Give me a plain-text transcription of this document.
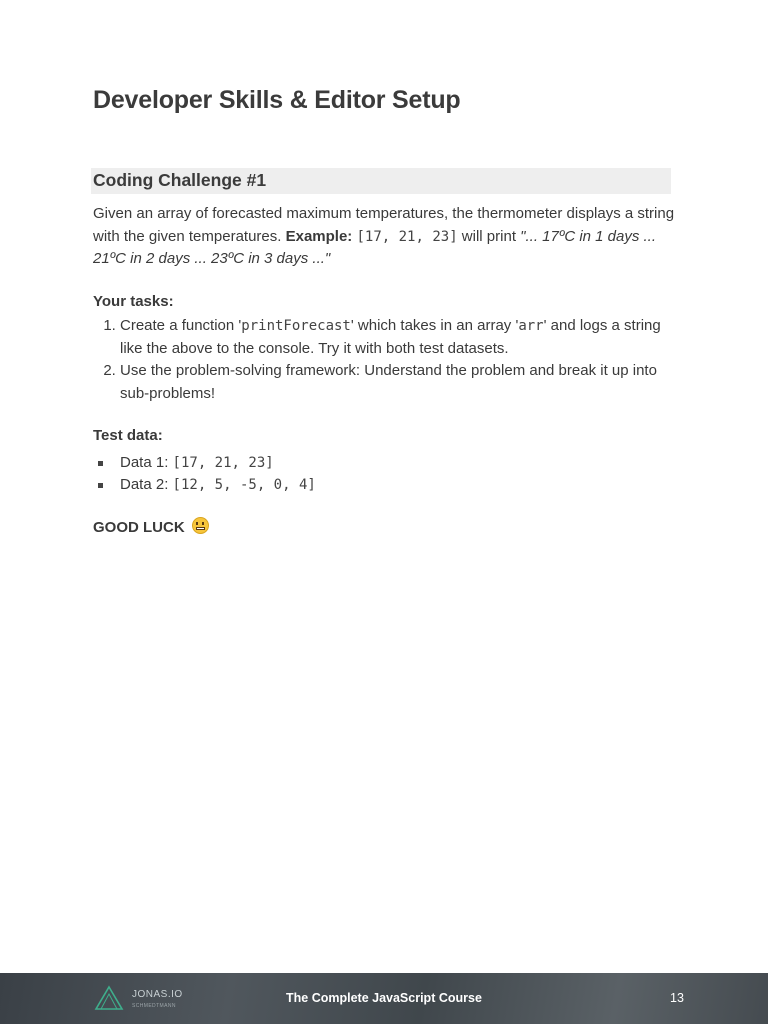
Developer Skills & Editor Setup
Coding Challenge #1

Given an array of forecasted maximum temperatures, the thermometer displays a string with the given temperatures. Example: [17, 21, 23] will print "... 17ºC in 1 days ... 21ºC in 2 days ... 23ºC in 3 days ..."

Your tasks:

1. Create a function 'printForecast' which takes in an array 'arr' and logs a string like the above to the console. Try it with both test datasets.
2. Use the problem-solving framework: Understand the problem and break it up into sub-problems!

Test data:

Data 1: [17, 21, 23]
Data 2: [12, 5, -5, 0, 4]

GOOD LUCK

JONAS.IO
SCHMEDTMANN
The Complete JavaScript Course	13
